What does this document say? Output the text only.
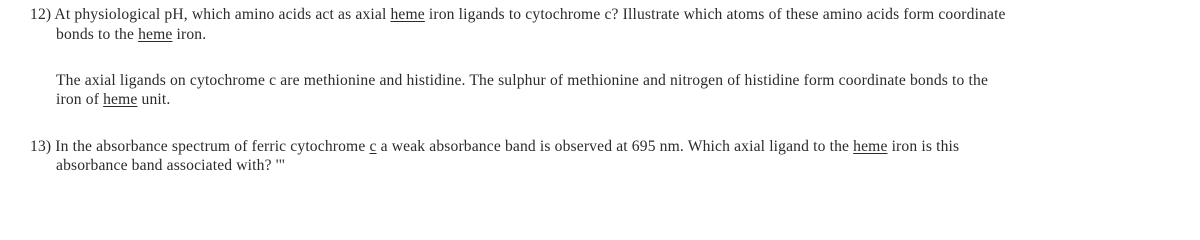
12) At physiological pH, which amino acids act as axial heme iron ligands to cytochrome c? Illustrate which atoms of these amino acids form coordinate
bonds to the heme iron.
The axial ligands on cytochrome c are methionine and histidine. The sulphur of methionine and nitrogen of histidine form coordinate bonds to the
iron of heme unit.
13) In the absorbance spectrum of ferric cytochrome c a weak absorbance band is observed at 695 nm. Which axial ligand to the heme iron is this
absorbance band associated with? '"
